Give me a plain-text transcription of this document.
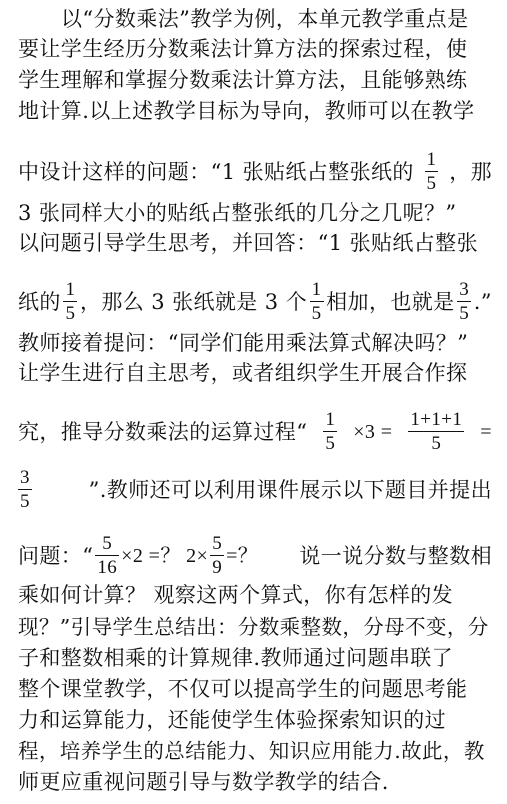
以“分数乘法”教学为例，本单元教学重点是
要让学生经历分数乘法计算方法的探索过程，使
学生理解和掌握分数乘法计算方法，且能够熟练
地计算.以上述教学目标为导向，教师可以在教学
中设计这样的问题：“1 张贴纸占整张纸的 $\frac{1}{5}$ ，那
3 张同样大小的贴纸占整张纸的几分之几呢？”
以问题引导学生思考，并回答：“1 张贴纸占整张
纸的 $\frac{1}{5}$ ，那么 3 张纸就是 3 个 $\frac{1}{5}$ 相加，也就是 $\frac{3}{5}$ .”
教师接着提问：“同学们能用乘法算式解决吗？”
让学生进行自主思考，或者组织学生开展合作探
究，推导分数乘法的运算过程“ $\frac{1}{5} \times 3 = \frac{1+1+1}{5}$ =
$\frac{3}{5}$	”.教师还可以利用课件展示以下题目并提出
问题：“ $\frac{5}{16} \times 2$ =？ $2\times \frac{5}{9}$ =？ 说一说分数与整数相
乘如何计算？ 观察这两个算式，你有怎样的发
现？”引导学生总结出：分数乘整数，分母不变，分
子和整数相乘的计算规律.教师通过问题串联了
整个课堂教学，不仅可以提高学生的问题思考能
力和运算能力，还能使学生体验探索知识的过
程，培养学生的总结能力、知识应用能力.故此，教
师更应重视问题引导与数学教学的结合.
